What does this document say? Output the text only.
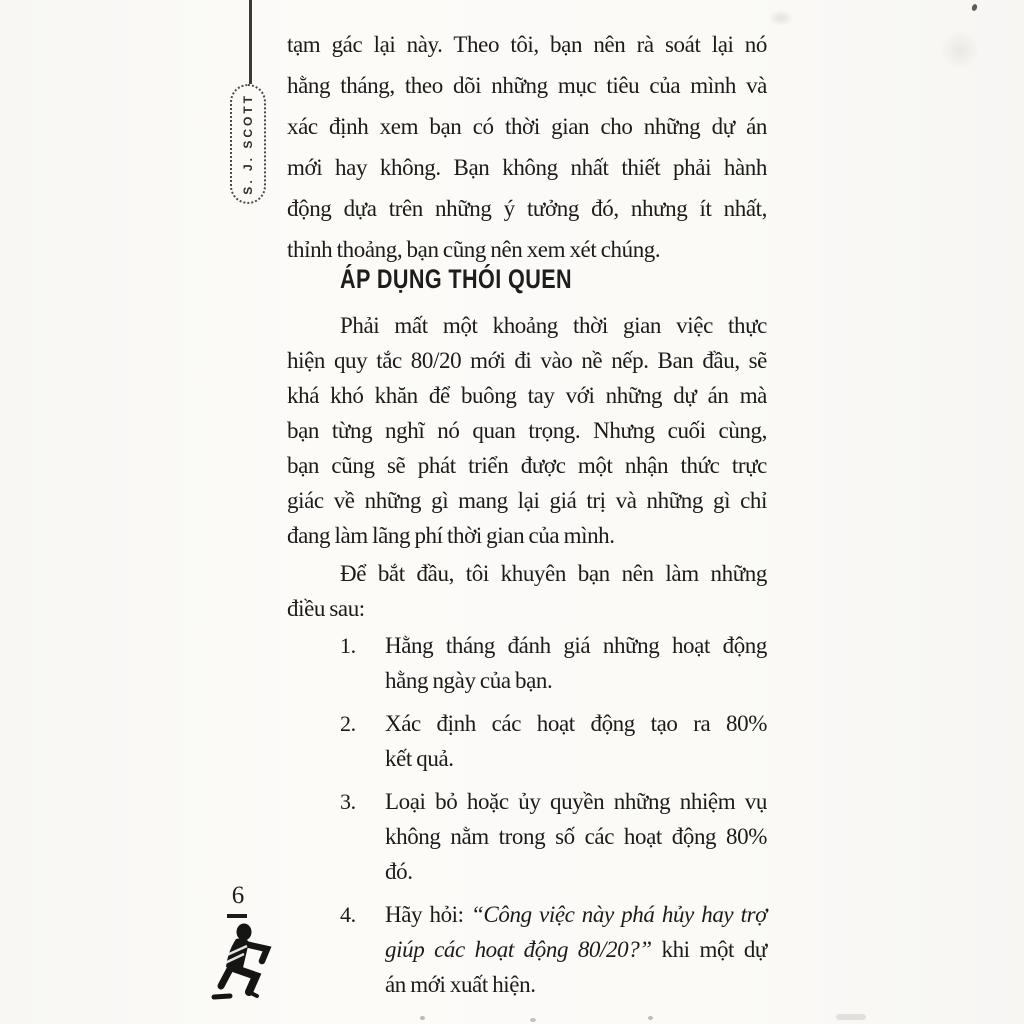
S. J. SCOTT
tạm gác lại này. Theo tôi, bạn nên rà soát lại nó
hằng tháng, theo dõi những mục tiêu của mình và
xác định xem bạn có thời gian cho những dự án
mới hay không. Bạn không nhất thiết phải hành
động dựa trên những ý tưởng đó, nhưng ít nhất,
thỉnh thoảng, bạn cũng nên xem xét chúng.
ÁP DỤNG THÓI QUEN
Phải mất một khoảng thời gian việc thực
hiện quy tắc 80/20 mới đi vào nề nếp. Ban đầu, sẽ
khá khó khăn để buông tay với những dự án mà
bạn từng nghĩ nó quan trọng. Nhưng cuối cùng,
bạn cũng sẽ phát triển được một nhận thức trực
giác về những gì mang lại giá trị và những gì chỉ
đang làm lãng phí thời gian của mình.
Để bắt đầu, tôi khuyên bạn nên làm những
điều sau:
1. Hằng tháng đánh giá những hoạt động
hằng ngày của bạn.
2. Xác định các hoạt động tạo ra 80%
kết quả.
3. Loại bỏ hoặc ủy quyền những nhiệm vụ
không nằm trong số các hoạt động 80%
đó.
4. Hãy hỏi: “Công việc này phá hủy hay trợ
giúp các hoạt động 80/20?” khi một dự
án mới xuất hiện.
6
